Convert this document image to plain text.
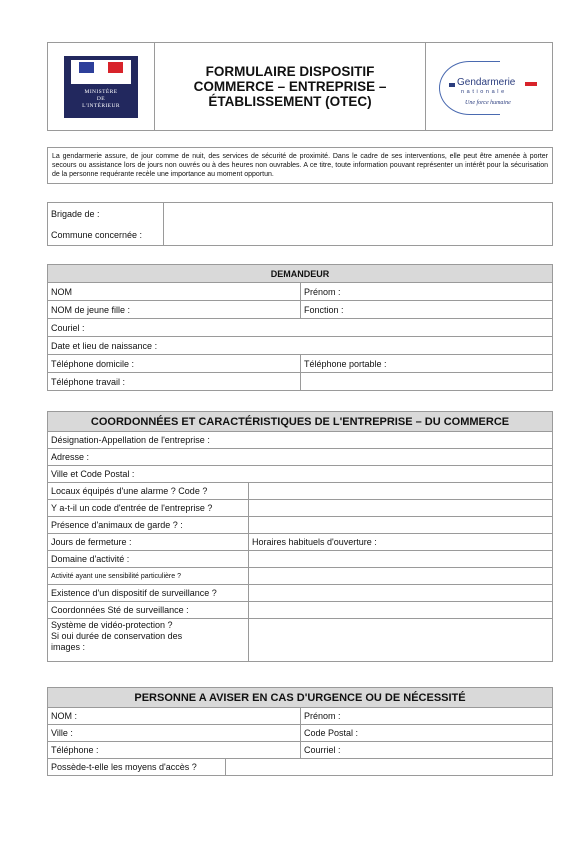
MINISTÈRE
DE
L'INTÉRIEUR
FORMULAIRE DISPOSITIF
COMMERCE – ENTREPRISE –
ÉTABLISSEMENT (OTEC)
Gendarmerie
nationale
Une force humaine
La gendarmerie assure, de jour comme de nuit, des services de sécurité de proximité. Dans le cadre de ses interventions, elle peut être amenée à porter secours ou assistance lors de jours non ouvrés ou à des heures non ouvrables. A ce titre, toute information pouvant représenter un intérêt pour la sécurisation de la personne requérante recèle une importance au moment opportun.
Brigade de :	
Commune concernée :
DEMANDEUR	
NOM	Prénom :
NOM de jeune fille :	Fonction :
Couriel :	
Date et lieu de naissance :	
Téléphone domicile :	Téléphone portable :
Téléphone travail :	
COORDONNÉES ET CARACTÉRISTIQUES DE L'ENTREPRISE – DU COMMERCE	
Désignation-Appellation de l'entreprise :	
Adresse :	
Ville et Code Postal :	
Locaux équipés d'une alarme ? Code ?	
Y a-t-il un code d'entrée de l'entreprise ?	
Présence d'animaux de garde ? :	
Jours de fermeture :	Horaires habituels d'ouverture :
Domaine d'activité :	
Activité ayant une sensibilité particulière ?	
Existence d'un dispositif de surveillance ?	
Coordonnées Sté de surveillance :	

Système de vidéo-protection ?
Si oui durée de conservation des
images :	

PERSONNE A AVISER EN CAS D'URGENCE OU DE NÉCESSITÉ		
NOM :		Prénom :
Ville :		Code Postal :
Téléphone :		Courriel :
Possède-t-elle les moyens d'accès ?		
